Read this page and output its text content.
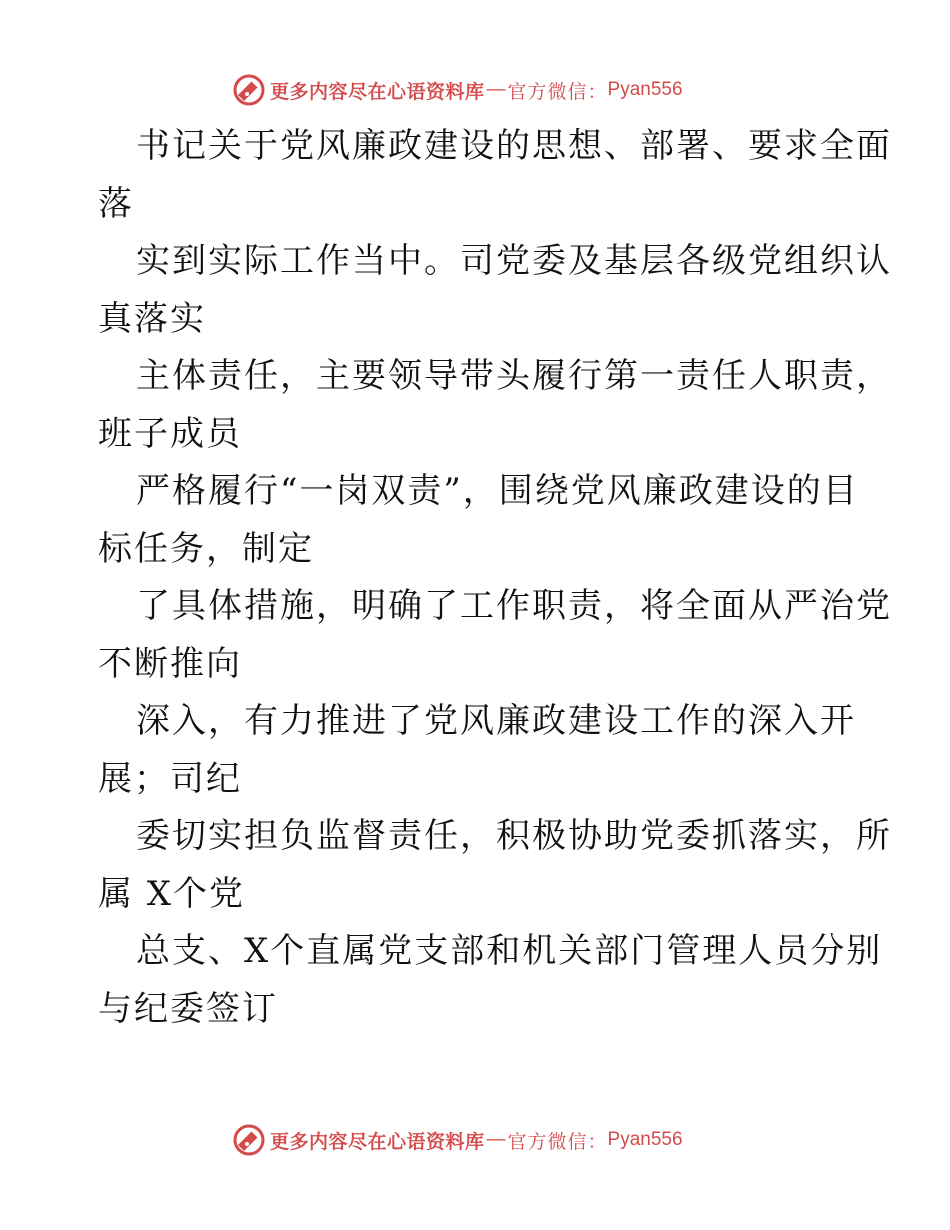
更多内容尽在心语资料库 — 官方微信： Pyan556
书记关于党风廉政建设的思想、部署、要求全面
落
实到实际工作当中。司党委及基层各级党组织认
真落实
主体责任，主要领导带头履行第一责任人职责，
班子成员
严格履行“一岗双责”，围绕党风廉政建设的目
标任务，制定
了具体措施，明确了工作职责，将全面从严治党
不断推向
深入，有力推进了党风廉政建设工作的深入开
展；司纪
委切实担负监督责任，积极协助党委抓落实，所
属 X个党
总支、X个直属党支部和机关部门管理人员分别
与纪委签订
更多内容尽在心语资料库 — 官方微信： Pyan556
